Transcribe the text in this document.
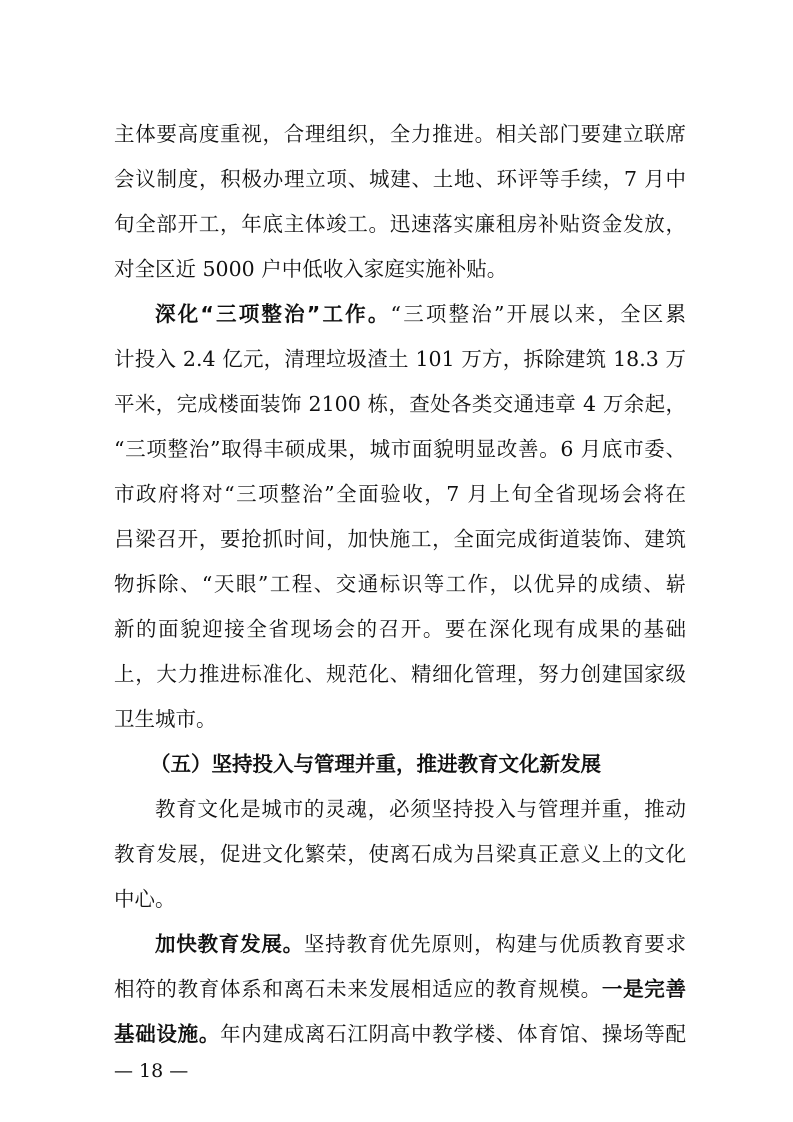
主体要高度重视，合理组织，全力推进。相关部门要建立联席
会议制度，积极办理立项、城建、土地、环评等手续，7 月中
旬全部开工，年底主体竣工。迅速落实廉租房补贴资金发放，
对全区近 5000 户中低收入家庭实施补贴。
深化“三项整治”工作。“三项整治”开展以来，全区累
计投入 2.4 亿元，清理垃圾渣土 101 万方，拆除建筑 18.3 万
平米，完成楼面装饰 2100 栋，查处各类交通违章 4 万余起，
“三项整治”取得丰硕成果，城市面貌明显改善。6 月底市委、
市政府将对“三项整治”全面验收，7 月上旬全省现场会将在
吕梁召开，要抢抓时间，加快施工，全面完成街道装饰、建筑
物拆除、“天眼”工程、交通标识等工作，以优异的成绩、崭
新的面貌迎接全省现场会的召开。要在深化现有成果的基础
上，大力推进标准化、规范化、精细化管理，努力创建国家级
卫生城市。
（五）坚持投入与管理并重，推进教育文化新发展
教育文化是城市的灵魂，必须坚持投入与管理并重，推动
教育发展，促进文化繁荣，使离石成为吕梁真正意义上的文化
中心。
加快教育发展。坚持教育优先原则，构建与优质教育要求
相符的教育体系和离石未来发展相适应的教育规模。一是完善
基础设施。年内建成离石江阴高中教学楼、体育馆、操场等配
— 18 —
